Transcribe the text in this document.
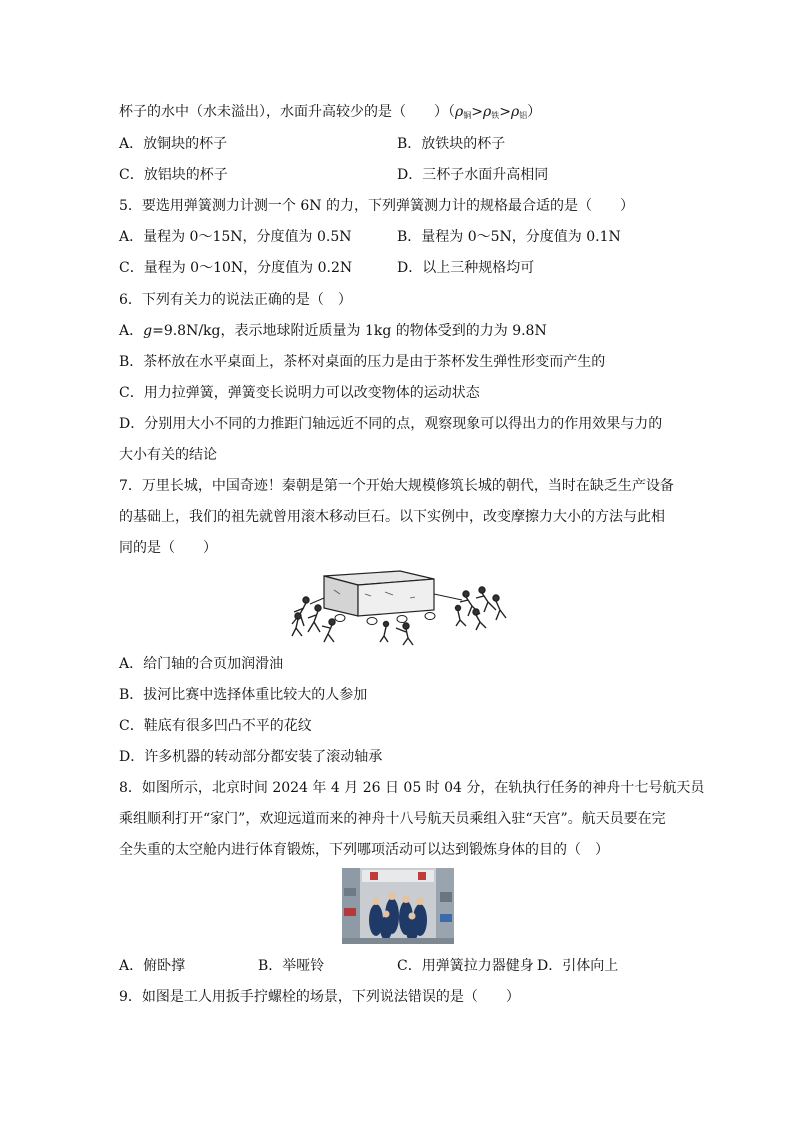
杯子的水中（水未溢出），水面升高较少的是（　　）$(\rho_铜>\rho_铁>\rho_铝)$
A．放铜块的杯子	B．放铁块的杯子
C．放铝块的杯子	D．三杯子水面升高相同
5．要选用弹簧测力计测一个 6N 的力，下列弹簧测力计的规格最合适的是（　　）
A．量程为 0～15N，分度值为 0.5N	B．量程为 0～5N，分度值为 0.1N
C．量程为 0～10N，分度值为 0.2N	D．以上三种规格均可
6．下列有关力的说法正确的是（　）
A．g=9.8N/kg，表示地球附近质量为 1kg 的物体受到的力为 9.8N
B．茶杯放在水平桌面上，茶杯对桌面的压力是由于茶杯发生弹性形变而产生的
C．用力拉弹簧，弹簧变长说明力可以改变物体的运动状态
D．分别用大小不同的力推距门轴远近不同的点，观察现象可以得出力的作用效果与力的
大小有关的结论
7．万里长城，中国奇迹！秦朝是第一个开始大规模修筑长城的朝代，当时在缺乏生产设备
的基础上，我们的祖先就曾用滚木移动巨石。以下实例中，改变摩擦力大小的方法与此相
同的是（　　）
A．给门轴的合页加润滑油
B．拔河比赛中选择体重比较大的人参加
C．鞋底有很多凹凸不平的花纹
D．许多机器的转动部分都安装了滚动轴承
8．如图所示，北京时间 2024 年 4 月 26 日 05 时 04 分，在轨执行任务的神舟十七号航天员
乘组顺利打开“家门”，欢迎远道而来的神舟十八号航天员乘组入驻“天宫”。航天员要在完
全失重的太空舱内进行体育锻炼，下列哪项活动可以达到锻炼身体的目的（　）
A．俯卧撑	B．举哑铃	C．用弹簧拉力器健身 D．引体向上
9．如图是工人用扳手拧螺栓的场景，下列说法错误的是（　　）
